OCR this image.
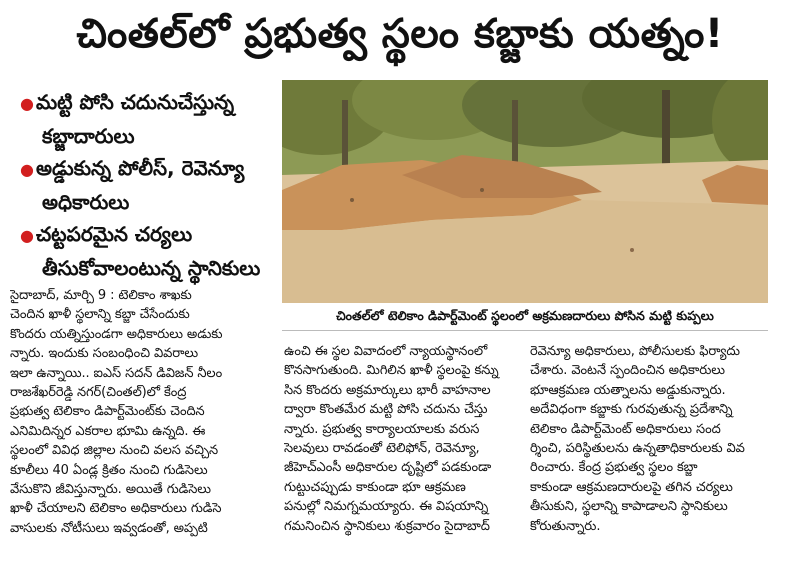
చింతల్‌లో ప్రభుత్వ స్థలం కబ్జాకు యత్నం!
● మట్టి పోసి చదునుచేస్తున్న
కబ్జాదారులు
● అడ్డుకున్న పోలీస్‌, రెవెన్యూ
అధికారులు
● చట్టపరమైన చర్యలు
తీసుకోవాలంటున్న స్థానికులు
చింతల్‌లో టెలికాం డిపార్ట్‌మెంట్‌ స్థలంలో అక్రమణదారులు పోసిన మట్టి కుప్పలు
సైదాబాద్‌, మార్చి 9 : టెలికాం శాఖకు
చెందిన ఖాళీ స్థలాన్ని కబ్జా చేసేందుకు
కొందరు యత్నిస్తుండగా అధికారులు అడుకు
న్నారు. ఇందుకు సంబంధించి వివరాలు
ఇలా ఉన్నాయి.. ఐఎస్‌ సదన్‌ డివిజన్‌ నీలం
రాజశేఖర్‌రెడ్డి నగర్‌(చింతల్‌)లో కేంద్ర
ప్రభుత్వ టెలికాం డిపార్ట్‌మెంట్‌కు చెందిన
ఎనిమిదిన్నర ఎకరాల భూమి ఉన్నది. ఈ
స్థలంలో వివిధ జిల్లాల నుంచి వలస వచ్చిన
కూలీలు 40 ఏండ్ల క్రితం నుంచి గుడిసెలు
వేసుకొని జీవిస్తున్నారు. అయితే గుడిసెలు
ఖాళీ చేయాలని టెలికాం అధికారులు గుడిసె
వాసులకు నోటీసులు ఇవ్వడంతో, అప్పటి
ఉంచి ఈ స్థల వివాదంలో న్యాయస్థానంలో
కొనసాగుతుంది. మిగిలిన ఖాళీ స్థలంపై కన్ను
సిన కొందరు అక్రమార్కులు భారీ వాహనాల
ద్వారా కొంతమేర మట్టి పోసి చదును చేస్తు
న్నారు. ప్రభుత్వ కార్యాలయాలకు వరుస
సెలవులు రావడంతో టెలిఫోన్‌, రెవెన్యూ,
జీహెచ్‌ఎంసీ అధికారుల దృష్టిలో పడకుండా
గుట్టుచప్పుడు కాకుండా భూ ఆక్రమణ
పనుల్లో నిమగ్నమయ్యారు. ఈ విషయాన్ని
గమనించిన స్థానికులు శుక్రవారం సైదాబాద్‌
రెవెన్యూ అధికారులు, పోలీసులకు ఫిర్యాదు
చేశారు. వెంటనే స్పందించిన అధికారులు
భూఆక్రమణ యత్నాలను అడ్డుకున్నారు.
అదేవిధంగా కబ్జాకు గురవుతున్న ప్రదేశాన్ని
టెలికాం డిపార్ట్‌మెంట్‌ అధికారులు సంద
ర్శించి, పరిస్థితులను ఉన్నతాధికారులకు వివ
రించారు. కేంద్ర ప్రభుత్వ స్థలం కబ్జా
కాకుండా ఆక్రమణదారులపై తగిన చర్యలు
తీసుకుని, స్థలాన్ని కాపాడాలని స్థానికులు
కోరుతున్నారు.
